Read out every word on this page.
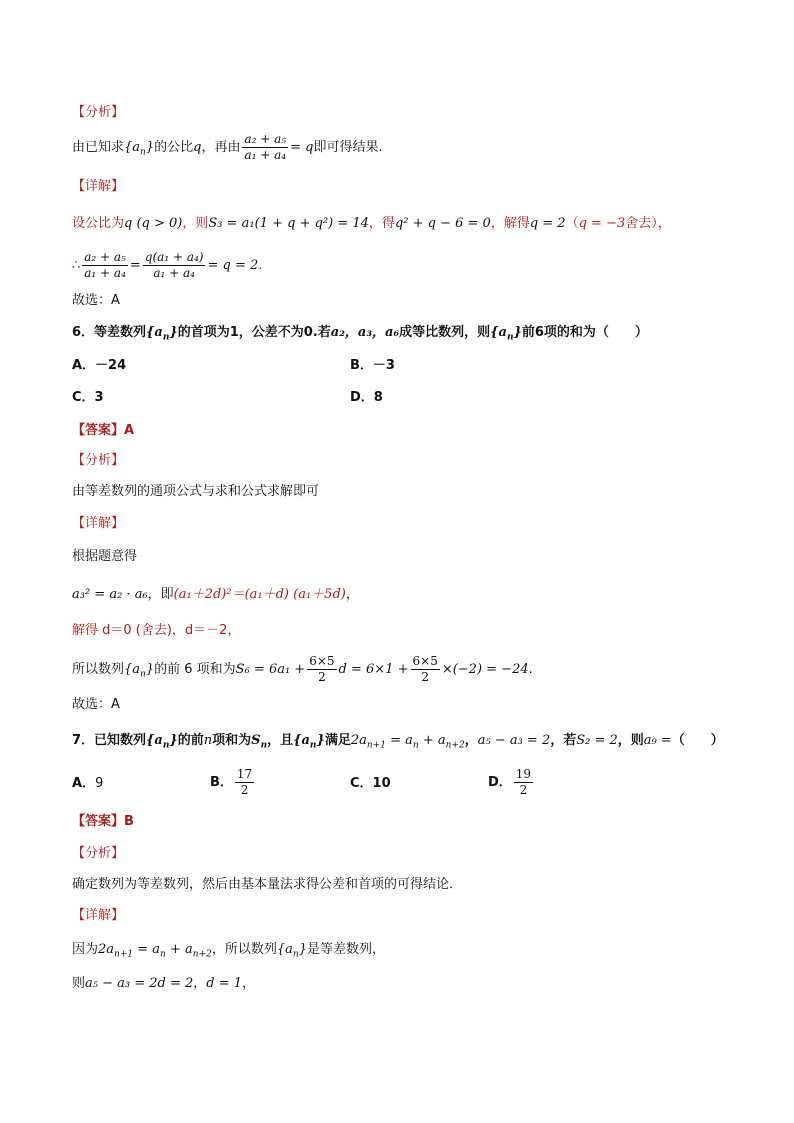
【分析】
由已知求$\{a_n\}$的公比q，再由 $\frac{\text{a₂ + a₅}}{\text{a₁ + a₄}} = q$即可得结果.
【详解】
设公比为q (q > 0)，则S₃ = a₁(1 + q + q²) = 14，得q² + q − 6 = 0，解得q = 2（q = −3舍去），
∴ $\frac{\text{a₂ + a₅}}{\text{a₁ + a₄}} = \frac{\text{q(a₁ + a₄)}}{\text{a₁ + a₄}} = q = 2$.
故选：A
6．等差数列$\{a_n\}$的首项为1，公差不为0.若a₂，a₃，a₆成等比数列，则$\{a_n\}$前6项的和为（　　）
A．－24	B．－3
C．3	D．8
【答案】A
【分析】
由等差数列的通项公式与求和公式求解即可
【详解】
根据题意得
a₃² = a₂ · a₆，即(a₁＋2d)²＝(a₁＋d) (a₁＋5d)，
解得 d＝0 (舍去)，d＝－2，
所以数列$\{a_n\}$的前 6 项和为$S_6 = 6a_1 + \frac{6\times 5}{2}$ $d = 6\times 1 + \frac{6\times 5}{2} \times(-2) = -24$.
故选：A
7．已知数列$\{a_n\}$的前n项和为$S_n$，且$\{a_n\}$满足$2a_{n+1} = a_n + a_{n+2}$，a₅ − a₃ = 2，若S₂ = 2，则a₉ =（　　）
A．9	B． $\frac{17}{2}$	C．10	D． $\frac{19}{2}$
【答案】B
【分析】
确定数列为等差数列，然后由基本量法求得公差和首项的可得结论．
【详解】
因为$2a_{n+1} = a_n + a_{n+2}$，所以数列$\{a_n\}$是等差数列，
则a₅ − a₃ = 2d = 2，d = 1，
